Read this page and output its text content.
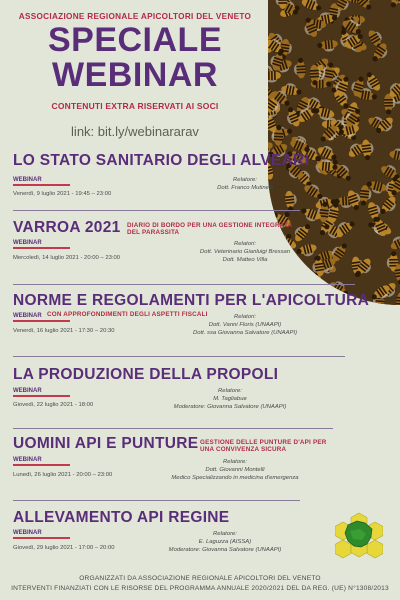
ASSOCIAZIONE REGIONALE APICOLTORI DEL VENETO
SPECIALE
WEBINAR
CONTENUTI EXTRA RISERVATI AI SOCI
link: bit.ly/webinararav
LO STATO SANITARIO DEGLI ALVEARI
WEBINAR
Venerdì, 9 luglio 2021 - 19:45 – 23:00
Relatore:
Dott. Franco Mutinelli
VARROA 2021 DIARIO DI BORDO PER UNA GESTIONE INTEGRATA
DEL PARASSITA
WEBINAR
Mercoledì, 14 luglio 2021 - 20:00 – 23:00
Relatori:
Dott. Veterinario Gianluigi Bressan
Dott. Matteo Villa
NORME E REGOLAMENTI PER L'APICOLTURA
WEBINAR CON APPROFONDIMENTI DEGLI ASPETTI FISCALI
Venerdì, 16 luglio 2021 - 17:30 – 20:30
Relatori:
Dott. Vanni Floris (UNAAPI)
Dott. ssa Giovanna Salvatore (UNAAPI)
LA PRODUZIONE DELLA PROPOLI
WEBINAR
Giovedì, 22 luglio 2021 - 18:00
Relatore:
M. Tagliabue
Moderatore: Giovanna Salvatore (UNAAPI)
UOMINI API E PUNTURE GESTIONE DELLE PUNTURE D'API PER
UNA CONVIVENZA SICURA
WEBINAR
Lunedì, 26 luglio 2021 - 20:00 – 23:00
Relatore:
Dott. Giovanni Montelli
Medico Specializzando in medicina d'emergenza
ALLEVAMENTO API REGINE
WEBINAR
Giovedì, 29 luglio 2021 - 17:00 – 20:00
Relatore:
E. Laguzza (AISSA)
Moderatore: Giovanna Salvatore (UNAAPI)
ORGANIZZATI DA ASSOCIAZIONE REGIONALE APICOLTORI DEL VENETO
INTERVENTI FINANZIATI CON LE RISORSE DEL PROGRAMMA ANNUALE 2020/2021 DEL DA REG. (UE) N°1308/2013
